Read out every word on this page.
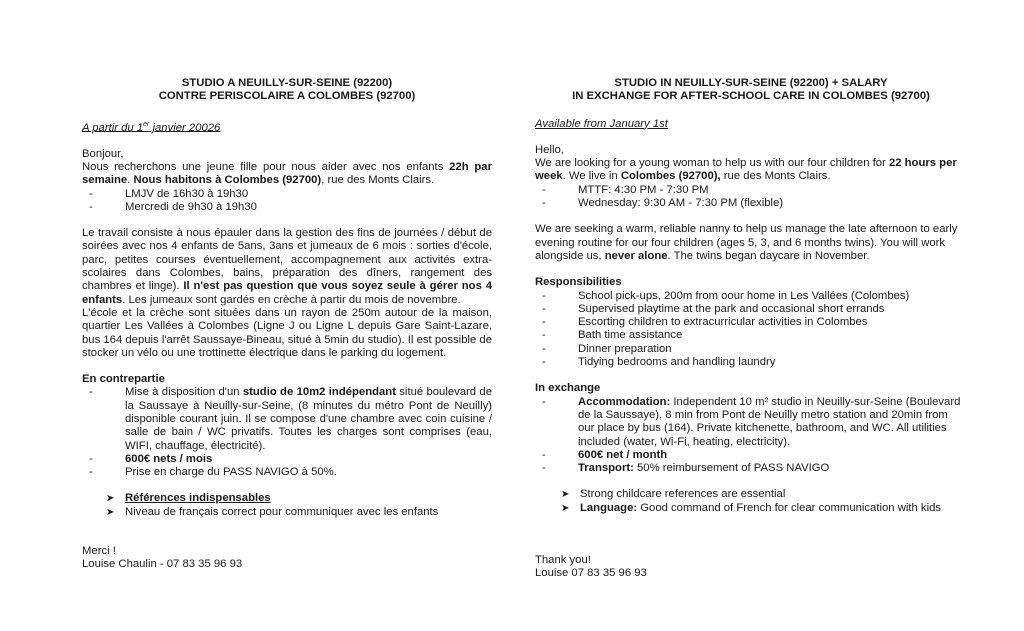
STUDIO A NEUILLY-SUR-SEINE (92200)
CONTRE PERISCOLAIRE A COLOMBES (92700)
A partir du 1er janvier 20026

Bonjour,

Nous recherchons une jeune fille pour nous aider avec nos enfants 22h par semaine. Nous habitons à Colombes (92700), rue des Monts Clairs.

-	LMJV de 16h30 à 19h30
-	Mercredi de 9h30 à 19h30

Le travail consiste à nous épauler dans la gestion des fins de journées / début de soirées avec nos 4 enfants de 5ans, 3ans et jumeaux de 6 mois : sorties d'école, parc, petites courses éventuellement, accompagnement aux activités extra-scolaires dans Colombes, bains, préparation des dîners, rangement des chambres et linge). Il n'est pas question que vous soyez seule à gérer nos 4 enfants. Les jumeaux sont gardés en crèche à partir du mois de novembre.

L'école et la crèche sont situées dans un rayon de 250m autour de la maison, quartier Les Vallées à Colombes (Ligne J ou Ligne L depuis Gare Saint-Lazare, bus 164 depuis l'arrêt Saussaye-Bineau, situé à 5min du studio). Il est possible de stocker un vélo ou une trottinette électrique dans le parking du logement.

En contrepartie
-	Mise à disposition d'un studio de 10m2 indépendant situé boulevard de la Saussaye à Neuilly-sur-Seine, (8 minutes du métro Pont de Neuilly) disponible courant juin. Il se compose d'une chambre avec coin cuisine / salle de bain / WC privatifs. Toutes les charges sont comprises (eau, WIFI, chauffage, électricité).
-	600€ nets / mois
-	Prise en charge du PASS NAVIGO à 50%.
➤ Références indispensables
➤ Niveau de français correct pour communiquer avec les enfants

Merci !

Louise Chaulin - 07 83 35 96 93

STUDIO IN NEUILLY-SUR-SEINE (92200) + SALARY
IN EXCHANGE FOR AFTER-SCHOOL CARE IN COLOMBES (92700)
Available from January 1st

Hello,

We are looking for a young woman to help us with our four children for 22 hours per week. We live in Colombes (92700), rue des Monts Clairs.

-	MTTF: 4:30 PM - 7:30 PM
-	Wednesday: 9:30 AM - 7:30 PM (flexible)

We are seeking a warm, reliable nanny to help us manage the late afternoon to early evening routine for our four children (ages 5, 3, and 6 months twins). You will work alongside us, never alone. The twins began daycare in November.

Responsibilities
-	School pick-ups, 200m from oour home in Les Vallées (Colombes)
-	Supervised playtime at the park and occasional short errands
-	Escorting children to extracurricular activities in Colombes
-	Bath time assistance
-	Dinner preparation
-	Tidying bedrooms and handling laundry
In exchange
-	Accommodation: Independent 10 m² studio in Neuilly-sur-Seine (Boulevard de la Saussaye), 8 min from Pont de Neuilly metro station and 20min from our place by bus (164). Private kitchenette, bathroom, and WC. All utilities included (water, Wi-Fi, heating, electricity).
-	600€ net / month
-	Transport: 50% reimbursement of PASS NAVIGO
➤ Strong childcare references are essential
➤ Language: Good command of French for clear communication with kids

Thank you!

Louise 07 83 35 96 93
